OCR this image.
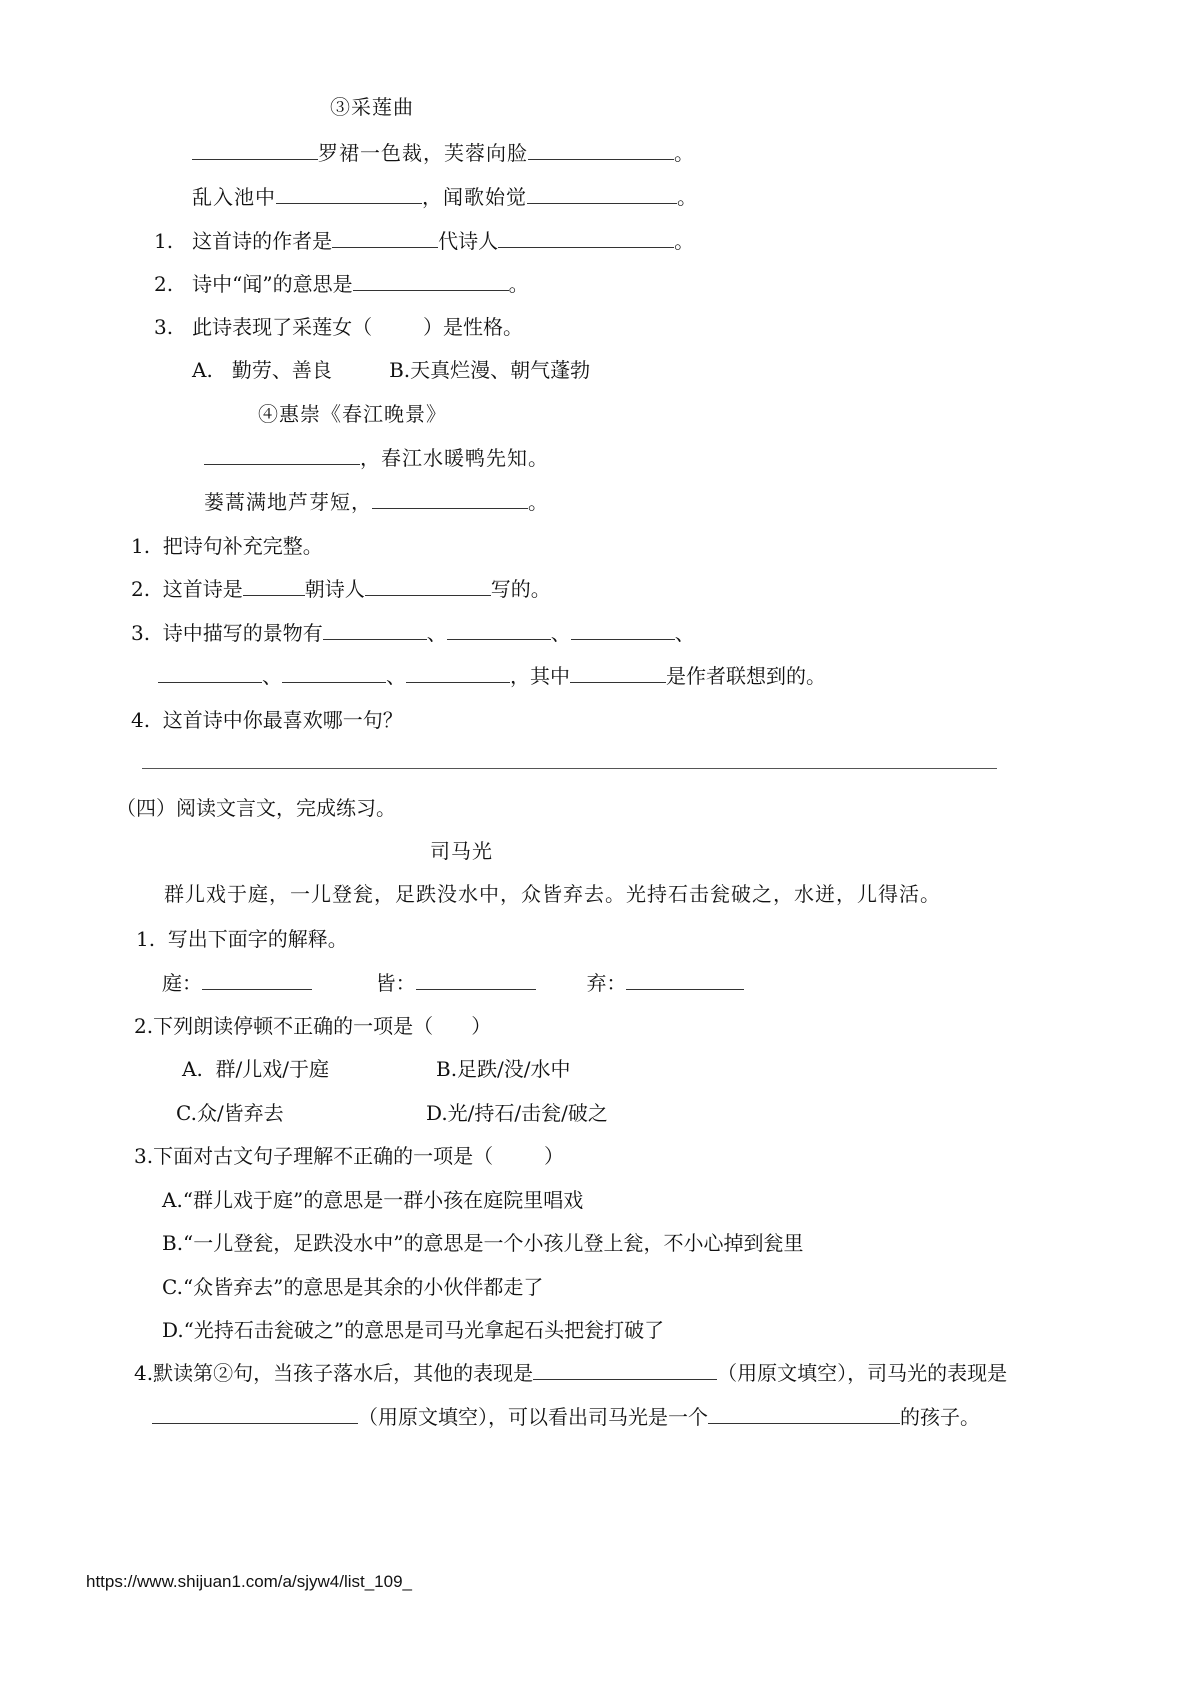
③采莲曲
罗裙一色裁，芙蓉向脸	。
乱入池中	，闻歌始觉	。
1. 这首诗的作者是	代诗人	。
2. 诗中“闻”的意思是	。
3. 此诗表现了采莲女（	）是性格。
A. 勤劳、善良	B.天真烂漫、朝气蓬勃
④惠崇《春江晚景》
，春江水暖鸭先知。
蒌蒿满地芦芽短，	。
1.  把诗句补充完整。
2.  这首诗是	朝诗人	写的。
3.  诗中描写的景物有	、	、	、
、	、	，其中	是作者联想到的。
4.  这首诗中你最喜欢哪一句？
（四）阅读文言文，完成练习。
司马光
群儿戏于庭，一儿登瓮，足跌没水中，众皆弃去。光持石击瓮破之，水迸，儿得活。
1.  写出下面字的解释。
庭：	皆：	弃：
2.下列朗读停顿不正确的一项是（ ）
A.  群/儿戏/于庭	B.足跌/没/水中
C.众/皆弃去	D.光/持石/击瓮/破之
3.下面对古文句子理解不正确的一项是（	）
A.“群儿戏于庭”的意思是一群小孩在庭院里唱戏
B.“一儿登瓮，足跌没水中”的意思是一个小孩儿登上瓮，不小心掉到瓮里
C.“众皆弃去”的意思是其余的小伙伴都走了
D.“光持石击瓮破之”的意思是司马光拿起石头把瓮打破了
4.默读第②句，当孩子落水后，其他的表现是	（用原文填空），司马光的表现是
（用原文填空），可以看出司马光是一个	的孩子。
https://www.shijuan1.com/a/sjyw4/list_109_
